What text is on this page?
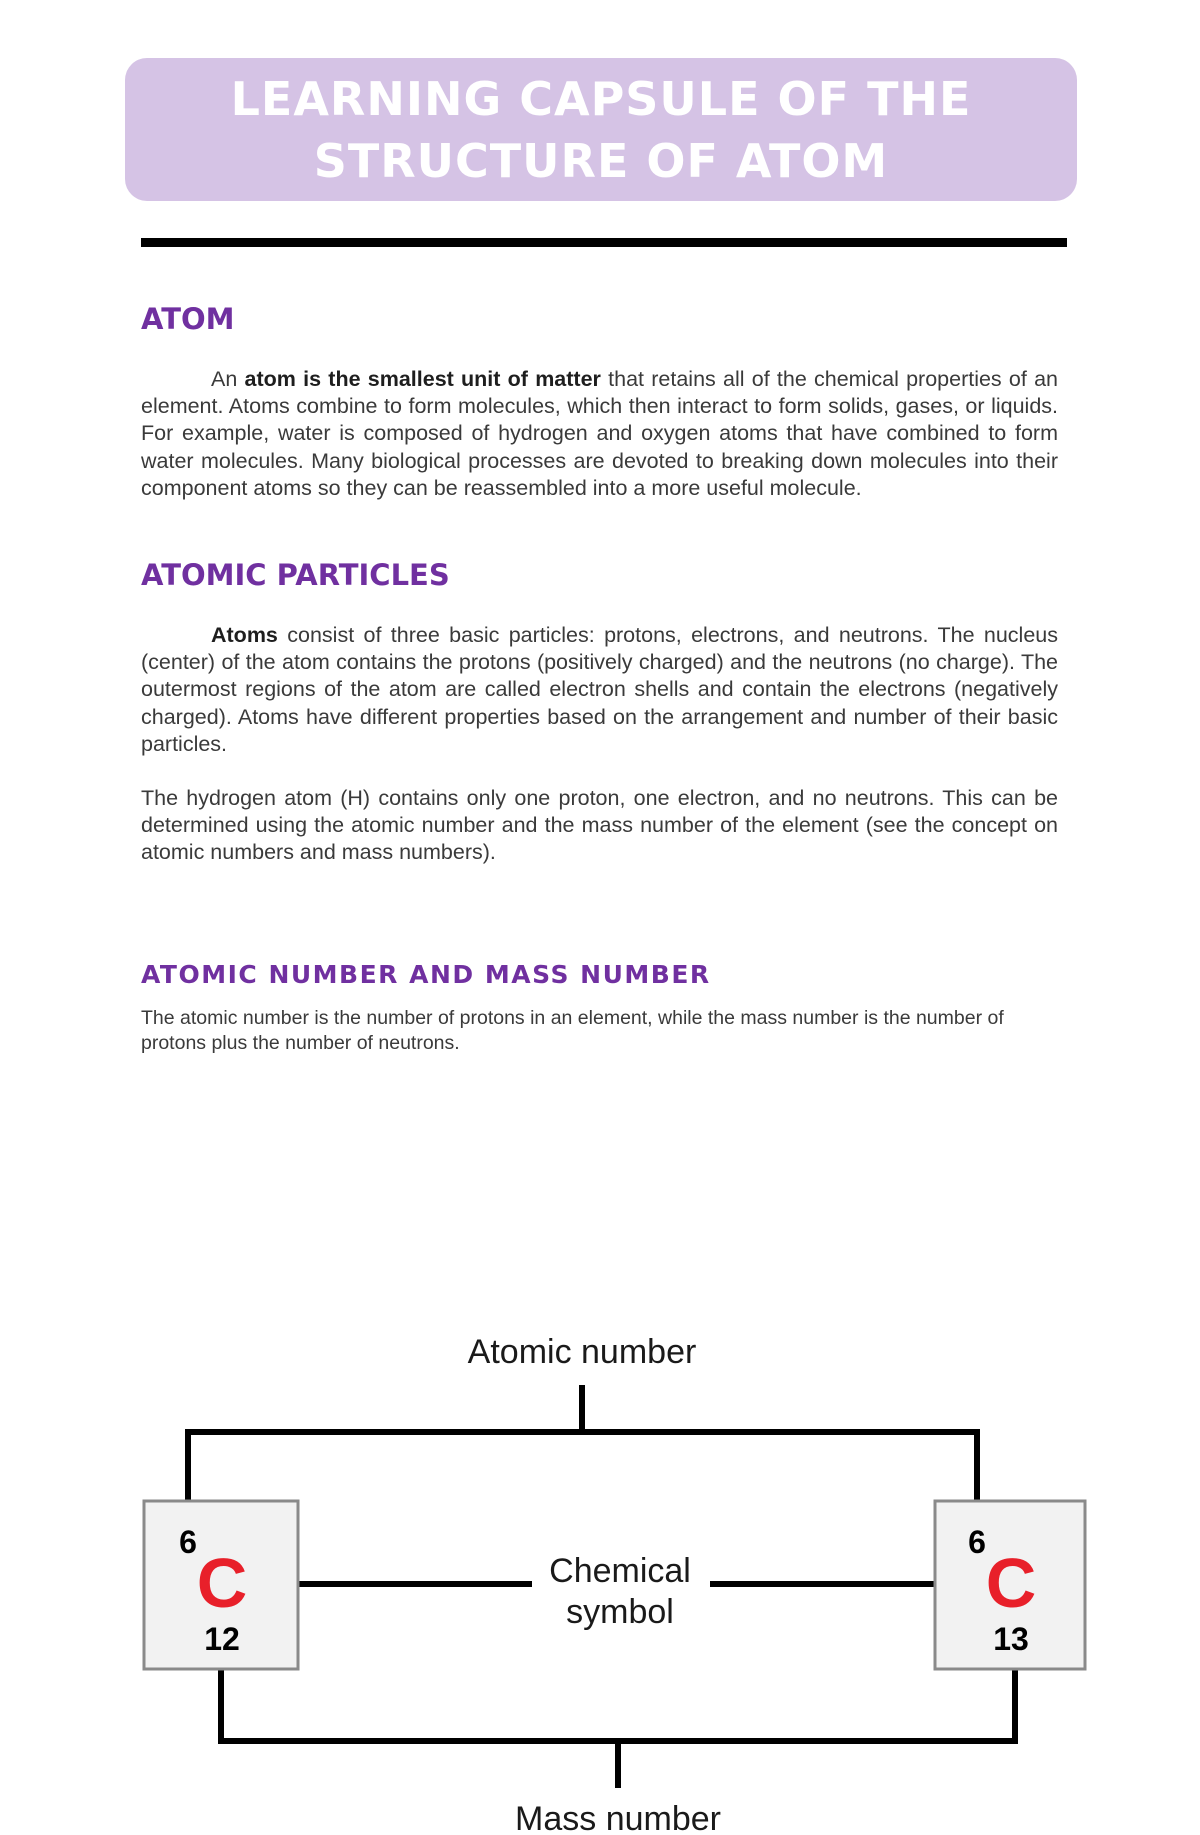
LEARNING CAPSULE OF THE
STRUCTURE OF ATOM
ATOM

An atom is the smallest unit of matter that retains all of the chemical properties of an element. Atoms combine to form molecules, which then interact to form solids, gases, or liquids. For example, water is composed of hydrogen and oxygen atoms that have combined to form water molecules. Many biological processes are devoted to breaking down molecules into their component atoms so they can be reassembled into a more useful molecule.

ATOMIC PARTICLES

Atoms consist of three basic particles: protons, electrons, and neutrons. The nucleus (center) of the atom contains the protons (positively charged) and the neutrons (no charge). The outermost regions of the atom are called electron shells and contain the electrons (negatively charged). Atoms have different properties based on the arrangement and number of their basic particles.

The hydrogen atom (H) contains only one proton, one electron, and no neutrons. This can be determined using the atomic number and the mass number of the element (see the concept on atomic numbers and mass numbers).

ATOMIC NUMBER AND MASS NUMBER

The atomic number is the number of protons in an element, while the mass number is the number of protons plus the number of neutrons.

Atomic number
Chemical
symbol
Mass number
6
C
12
6
C
13
